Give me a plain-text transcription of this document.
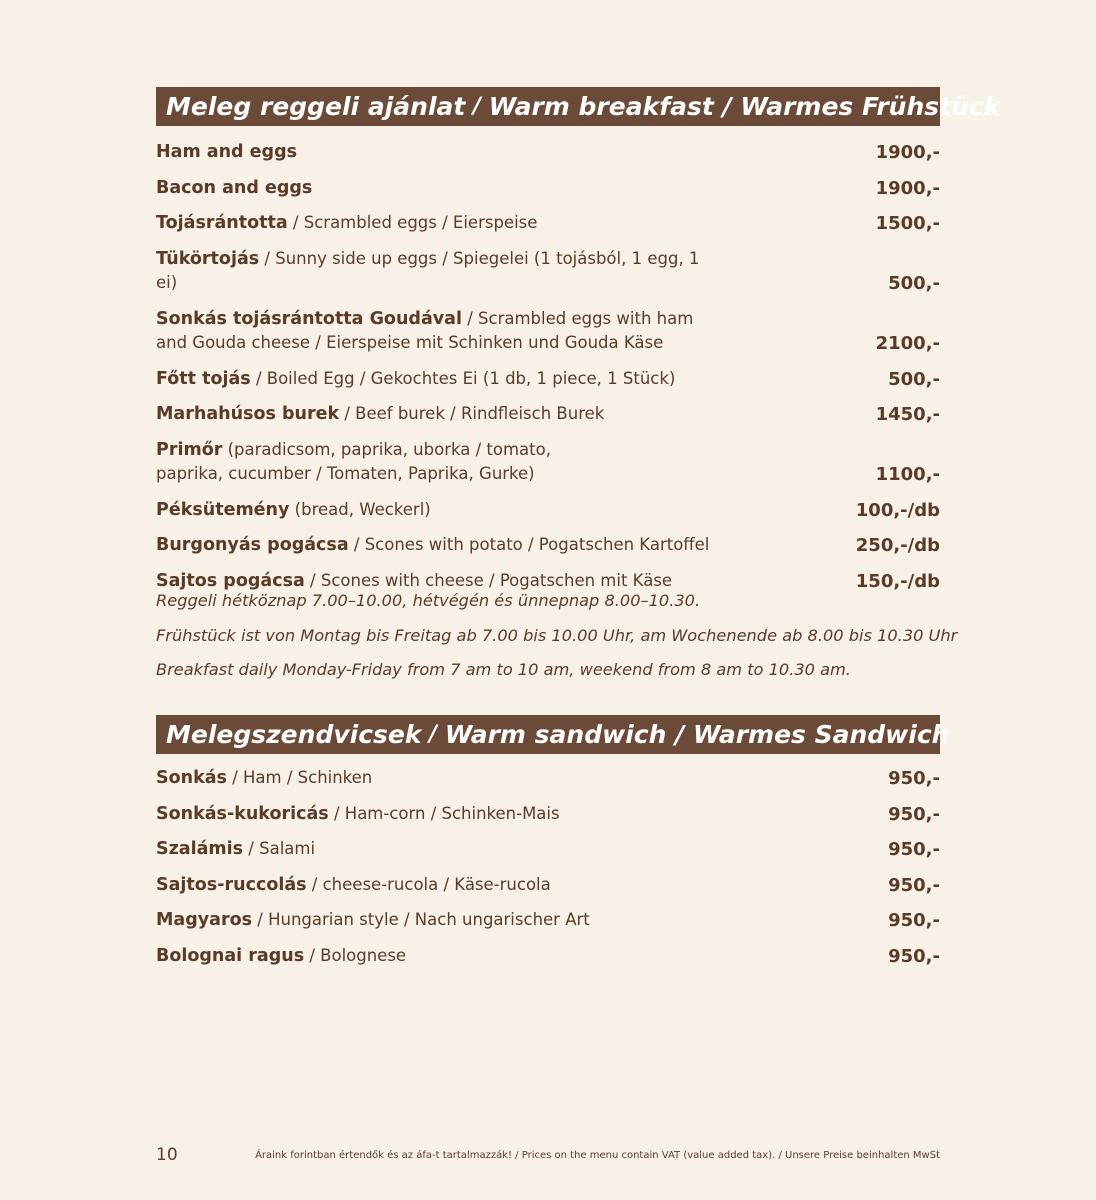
Meleg reggeli ajánlat / Warm breakfast / Warmes Frühstück
Ham and eggs	1900,-
Bacon and eggs	1900,-
Tojásrántotta / Scrambled eggs / Eierspeise	1500,-
Tükörtojás / Sunny side up eggs / Spiegelei (1 tojásból, 1 egg, 1 ei)	500,-
Sonkás tojásrántotta Goudával / Scrambled eggs with ham and Gouda cheese / Eierspeise mit Schinken und Gouda Käse	2100,-
Főtt tojás / Boiled Egg / Gekochtes Ei (1 db, 1 piece, 1 Stück)	500,-
Marhahúsos burek / Beef burek / Rindfleisch Burek	1450,-
Primőr (paradicsom, paprika, uborka / tomato, paprika, cucumber / Tomaten, Paprika, Gurke)	1100,-
Péksütemény (bread, Weckerl)	100,-/db
Burgonyás pogácsa / Scones with potato / Pogatschen Kartoffel	250,-/db
Sajtos pogácsa / Scones with cheese / Pogatschen mit Käse	150,-/db
Reggeli hétköznap 7.00–10.00, hétvégén és ünnepnap 8.00–10.30.
Frühstück ist von Montag bis Freitag ab 7.00 bis 10.00 Uhr, am Wochenende ab 8.00 bis 10.30 Uhr
Breakfast daily Monday-Friday from 7 am to 10 am, weekend from 8 am to 10.30 am.
Melegszendvicsek / Warm sandwich / Warmes Sandwich
Sonkás / Ham / Schinken	950,-
Sonkás-kukoricás / Ham-corn / Schinken-Mais	950,-
Szalámis / Salami	950,-
Sajtos-ruccolás / cheese-rucola / Käse-rucola	950,-
Magyaros / Hungarian style / Nach ungarischer Art	950,-
Bolognai ragus / Bolognese	950,-
10	Áraink forintban értendők és az áfa-t tartalmazzák! / Prices on the menu contain VAT (value added tax). / Unsere Preise beinhalten MwSt
